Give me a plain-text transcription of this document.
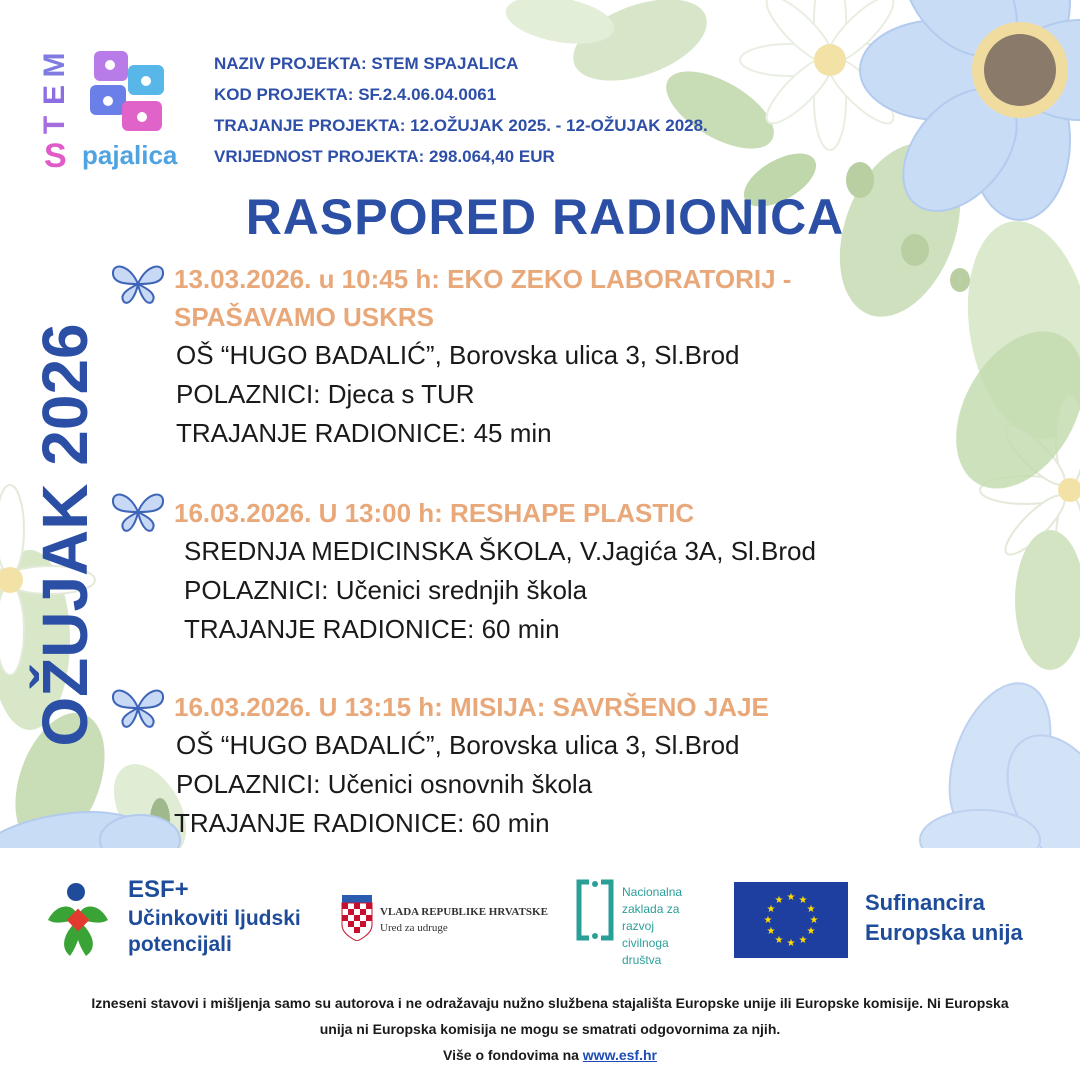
M
E
T
S pajalica
NAZIV PROJEKTA: STEM SPAJALICA
KOD PROJEKTA: SF.2.4.06.04.0061
TRAJANJE PROJEKTA: 12.OŽUJAK 2025. - 12-OŽUJAK 2028.
VRIJEDNOST PROJEKTA: 298.064,40 EUR
RASPORED RADIONICA
OŽUJAK 2026
13.03.2026. u 10:45 h: EKO ZEKO LABORATORIJ -
SPAŠAVAMO USKRS
OŠ “HUGO BADALIĆ”, Borovska ulica 3, Sl.Brod
POLAZNICI: Djeca s TUR
TRAJANJE RADIONICE: 45 min
16.03.2026. U 13:00 h: RESHAPE PLASTIC
SREDNJA MEDICINSKA ŠKOLA, V.Jagića 3A, Sl.Brod
POLAZNICI: Učenici srednjih škola
TRAJANJE RADIONICE: 60 min
16.03.2026. U 13:15 h: MISIJA: SAVRŠENO JAJE
OŠ “HUGO BADALIĆ”, Borovska ulica 3, Sl.Brod
POLAZNICI: Učenici osnovnih škola
TRAJANJE RADIONICE: 60 min
ESF+
Učinkoviti ljudski
potencijali
VLADA REPUBLIKE HRVATSKE
Ured za udruge
Nacionalna
zaklada za
razvoj
civilnoga
društva
★ ★
★
★
★
★
★
★
★
★
★
★	Sufinancira
Europska unija
Izneseni stavovi i mišljenja samo su autorova i ne odražavaju nužno službena stajališta Europske unije ili Europske komisije. Ni Europska
unija ni Europska komisija ne mogu se smatrati odgovornima za njih.
Više o fondovima na www.esf.hr
